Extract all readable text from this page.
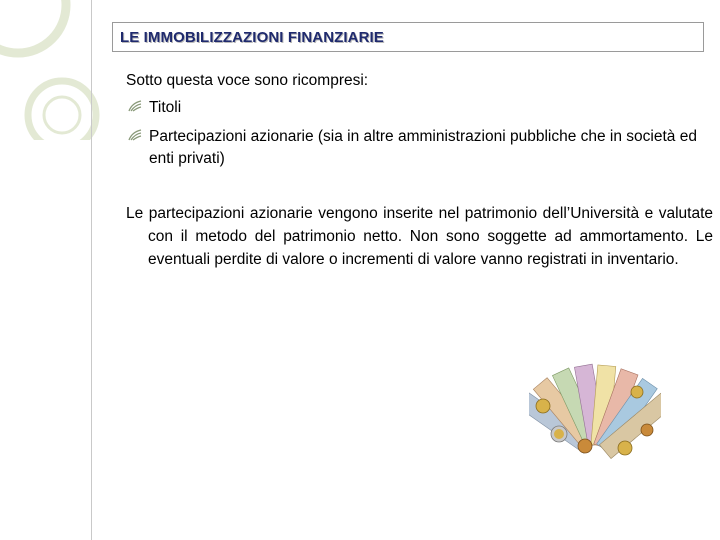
LE IMMOBILIZZAZIONI FINANZIARIE
Sotto questa voce sono ricompresi:
Titoli
Partecipazioni azionarie (sia in altre amministrazioni pubbliche che in società ed enti privati)
Le partecipazioni azionarie vengono inserite nel patrimonio dell’Università e valutate con il metodo del patrimonio netto. Non sono soggette ad ammortamento. Le eventuali perdite di valore o incrementi di valore vanno registrati in inventario.
